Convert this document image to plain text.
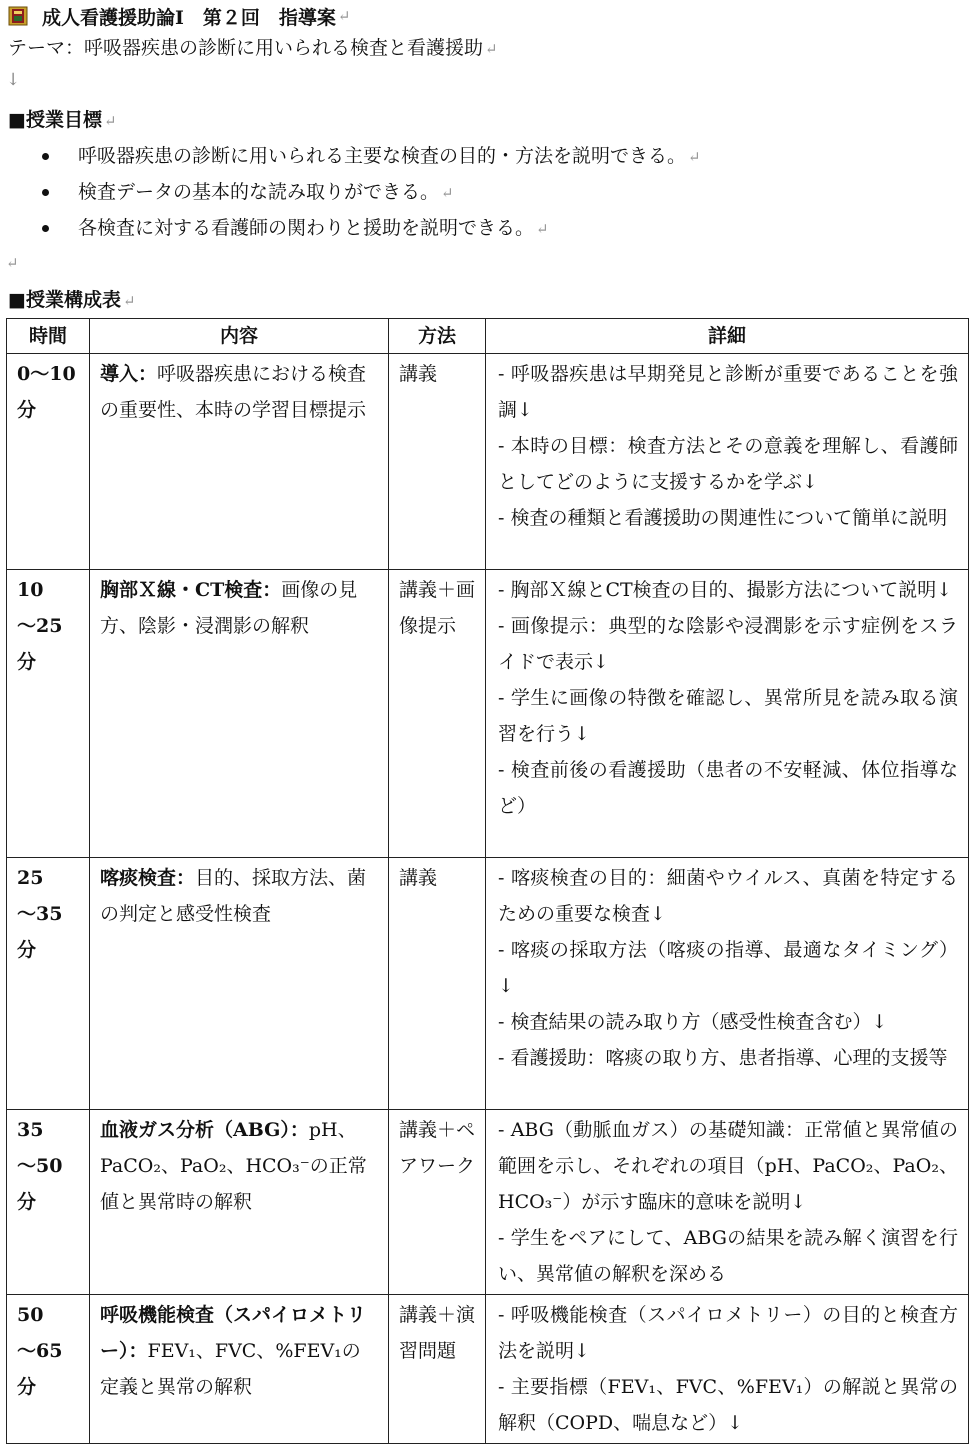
成人看護援助論Ⅰ　第２回　指導案 ↵
テーマ：呼吸器疾患の診断に用いられる検査と看護援助 ↵
↓
■授業目標 ↵
呼吸器疾患の診断に用いられる主要な検査の目的・方法を説明できる。 ↵
検査データの基本的な読み取りができる。 ↵
各検査に対する看護師の関わりと援助を説明できる。 ↵
↵
■授業構成表 ↵
時間	内容	方法	詳細
0～10分	導入：呼吸器疾患における検査の重要性、本時の学習目標提示	講義	- 呼吸器疾患は早期発見と診断が重要であることを強調↓
- 本時の目標：検査方法とその意義を理解し、看護師としてどのように支援するかを学ぶ↓
- 検査の種類と看護援助の関連性について簡単に説明

10　～25分	胸部Ｘ線・CT検査：画像の見方、陰影・浸潤影の解釈	講義＋画像提示	- 胸部Ｘ線とCT検査の目的、撮影方法について説明↓
- 画像提示：典型的な陰影や浸潤影を示す症例をスライドで表示↓
- 学生に画像の特徴を確認し、異常所見を読み取る演習を行う↓
- 検査前後の看護援助（患者の不安軽減、体位指導など）

25　～35分	喀痰検査：目的、採取方法、菌の判定と感受性検査	講義	- 喀痰検査の目的：細菌やウイルス、真菌を特定するための重要な検査↓
- 喀痰の採取方法（喀痰の指導、最適なタイミング）↓
- 検査結果の読み取り方（感受性検査含む）↓
- 看護援助：喀痰の取り方、患者指導、心理的支援等

35　～50分	血液ガス分析（ABG）：pH、PaCO₂、PaO₂、HCO₃⁻の正常値と異常時の解釈	講義＋ペアワーク	- ABG（動脈血ガス）の基礎知識：正常値と異常値の範囲を示し、それぞれの項目（pH、PaCO₂、PaO₂、HCO₃⁻）が示す臨床的意味を説明↓
- 学生をペアにして、ABGの結果を読み解く演習を行い、異常値の解釈を深める

50　～65分	呼吸機能検査（スパイロメトリー）：FEV₁、FVC、%FEV₁の定義と異常の解釈	講義＋演習問題	- 呼吸機能検査（スパイロメトリー）の目的と検査方法を説明↓
- 主要指標（FEV₁、FVC、%FEV₁）の解説と異常の解釈（COPD、喘息など）↓
